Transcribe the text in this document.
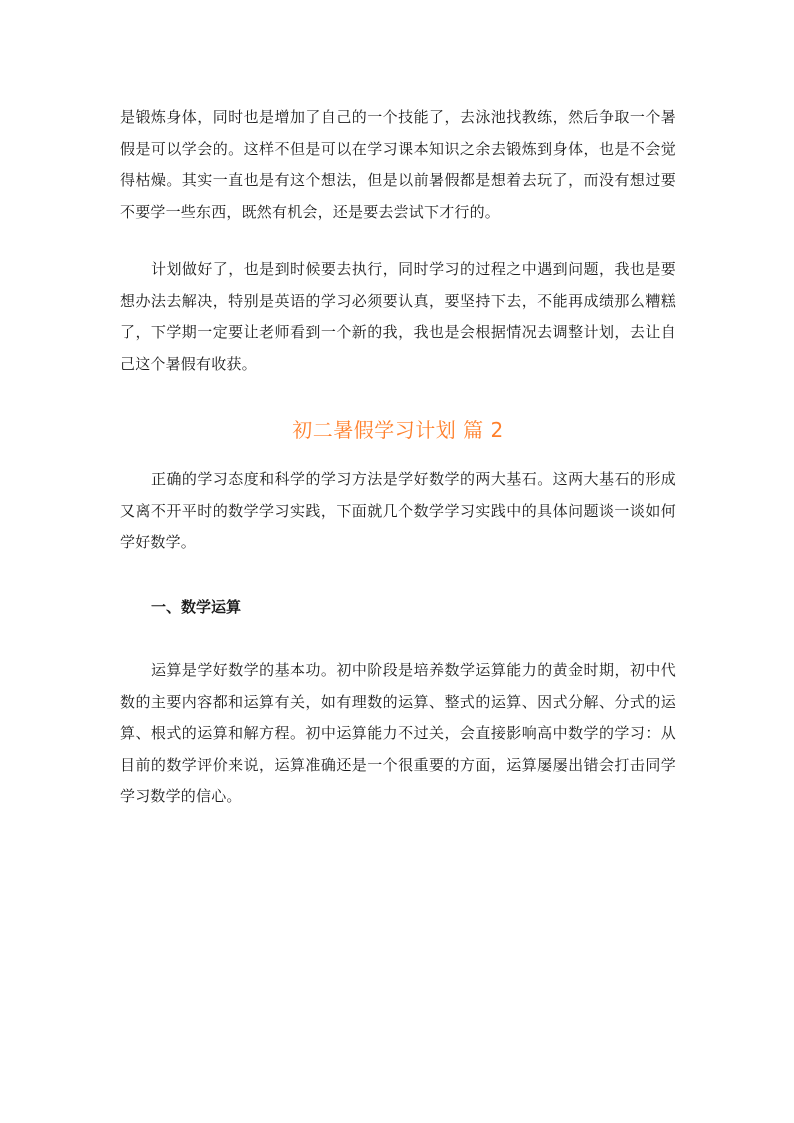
是锻炼身体，同时也是增加了自己的一个技能了，去泳池找教练，然后争取一个暑假是可以学会的。这样不但是可以在学习课本知识之余去锻炼到身体，也是不会觉得枯燥。其实一直也是有这个想法，但是以前暑假都是想着去玩了，而没有想过要不要学一些东西，既然有机会，还是要去尝试下才行的。

计划做好了，也是到时候要去执行，同时学习的过程之中遇到问题，我也是要想办法去解决，特别是英语的学习必须要认真，要坚持下去，不能再成绩那么糟糕了，下学期一定要让老师看到一个新的我，我也是会根据情况去调整计划，去让自己这个暑假有收获。

初二暑假学习计划 篇 2

正确的学习态度和科学的学习方法是学好数学的两大基石。这两大基石的形成又离不开平时的数学学习实践，下面就几个数学学习实践中的具体问题谈一谈如何学好数学。

一、数学运算

运算是学好数学的基本功。初中阶段是培养数学运算能力的黄金时期，初中代数的主要内容都和运算有关，如有理数的运算、整式的运算、因式分解、分式的运算、根式的运算和解方程。初中运算能力不过关，会直接影响高中数学的学习：从目前的数学评价来说，运算准确还是一个很重要的方面，运算屡屡出错会打击同学学习数学的信心。
